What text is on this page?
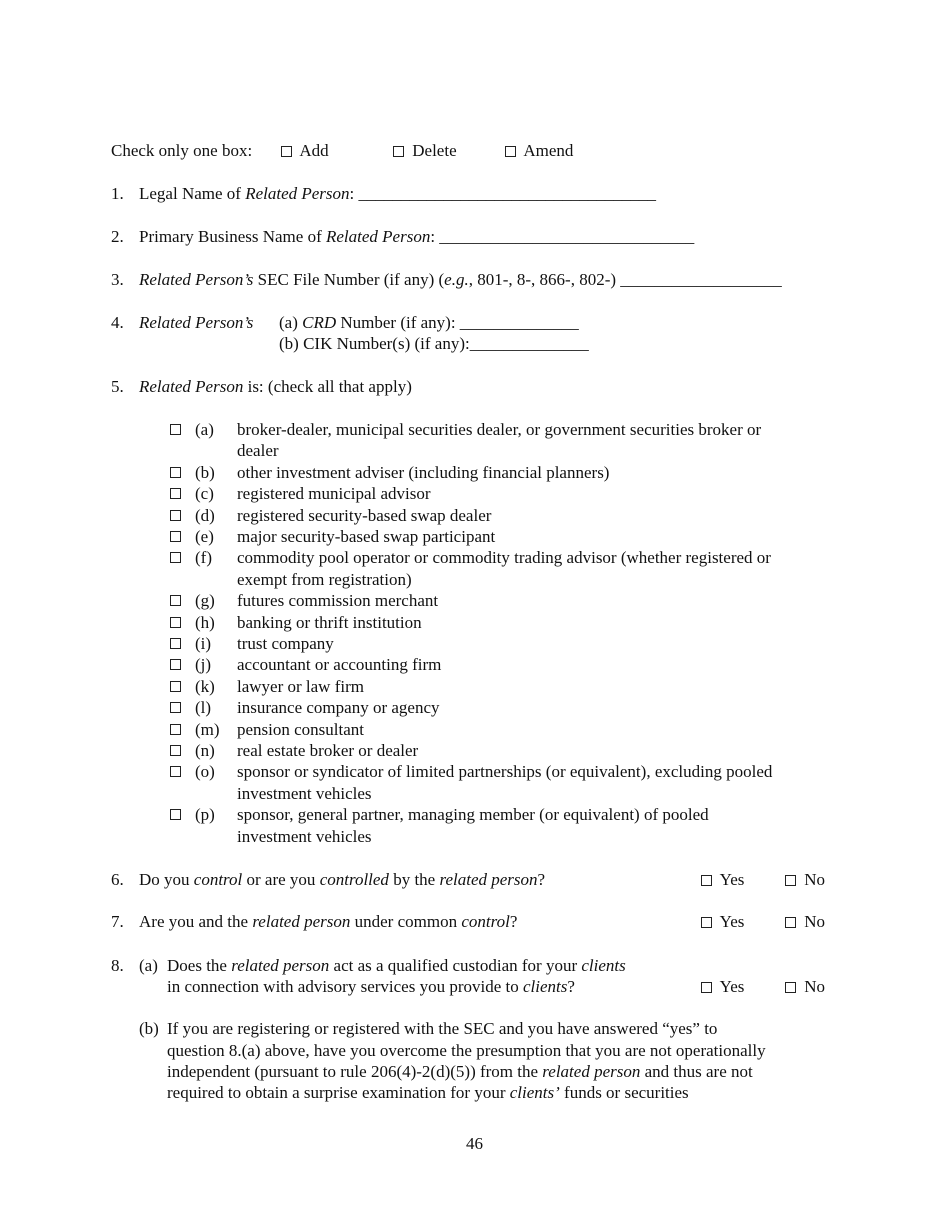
Check only one box:	Add	Delete	Amend
1. Legal Name of Related Person: ___________________________________
2. Primary Business Name of Related Person: ______________________________
3. Related Person’s SEC File Number (if any) (e.g., 801-, 8-, 866-, 802-) ___________________
4. Related Person’s (a) CRD Number (if any): ______________
(b) CIK Number(s) (if any):______________
5. Related Person is: (check all that apply)
(a) broker-dealer, municipal securities dealer, or government securities broker or
dealer
(b) other investment adviser (including financial planners)
(c) registered municipal advisor
(d) registered security-based swap dealer
(e) major security-based swap participant
(f) commodity pool operator or commodity trading advisor (whether registered or
exempt from registration)
(g) futures commission merchant
(h) banking or thrift institution
(i) trust company
(j) accountant or accounting firm
(k) lawyer or law firm
(l) insurance company or agency
(m) pension consultant
(n) real estate broker or dealer
(o) sponsor or syndicator of limited partnerships (or equivalent), excluding pooled
investment vehicles
(p) sponsor, general partner, managing member (or equivalent) of pooled
investment vehicles
6. Do you control or are you controlled by the related person?	Yes	No
7. Are you and the related person under common control?	Yes	No
8. (a) Does the related person act as a qualified custodian for your clients
in connection with advisory services you provide to clients?	Yes	No
(b) If you are registering or registered with the SEC and you have answered “yes” to
question 8.(a) above, have you overcome the presumption that you are not operationally
independent (pursuant to rule 206(4)-2(d)(5)) from the related person and thus are not
required to obtain a surprise examination for your clients’ funds or securities
46
